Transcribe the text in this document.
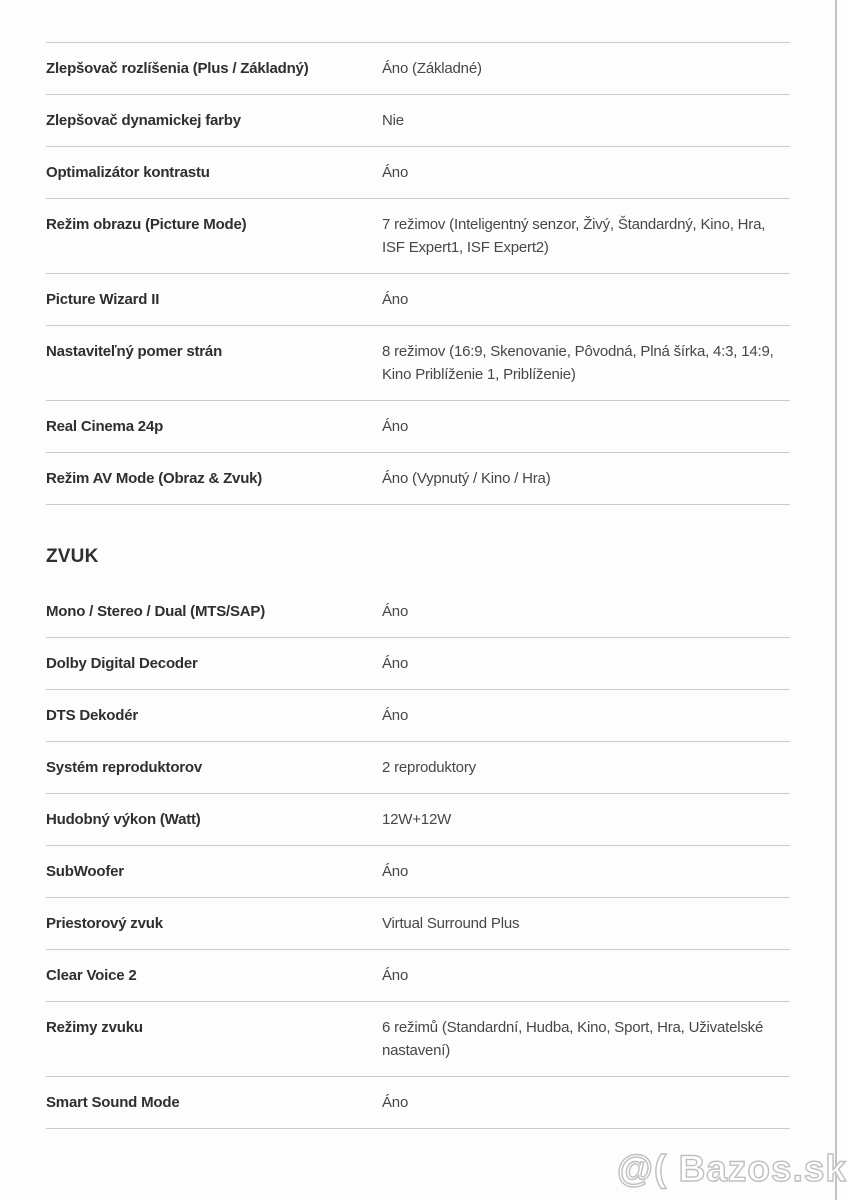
Zlepšovač rozlíšenia (Plus / Základný)	Áno (Základné)
Zlepšovač dynamickej farby	Nie
Optimalizátor kontrastu	Áno
Režim obrazu (Picture Mode)	7 režimov (Inteligentný senzor, Živý, Štandardný, Kino, Hra, ISF Expert1, ISF Expert2)
Picture Wizard II	Áno
Nastaviteľný pomer strán	8 režimov (16:9, Skenovanie, Pôvodná, Plná šírka, 4:3, 14:9, Kino Priblíženie 1, Priblíženie)
Real Cinema 24p	Áno
Režim AV Mode (Obraz & Zvuk)	Áno (Vypnutý / Kino / Hra)
ZVUK
Mono / Stereo / Dual (MTS/SAP)	Áno
Dolby Digital Decoder	Áno
DTS Dekodér	Áno
Systém reproduktorov	2 reproduktory
Hudobný výkon (Watt)	12W+12W
SubWoofer	Áno
Priestorový zvuk	Virtual Surround Plus
Clear Voice 2	Áno
Režimy zvuku	6 režimů (Standardní, Hudba, Kino, Sport, Hra, Uživatelské nastavení)
Smart Sound Mode	Áno
@( Bazos.sk
